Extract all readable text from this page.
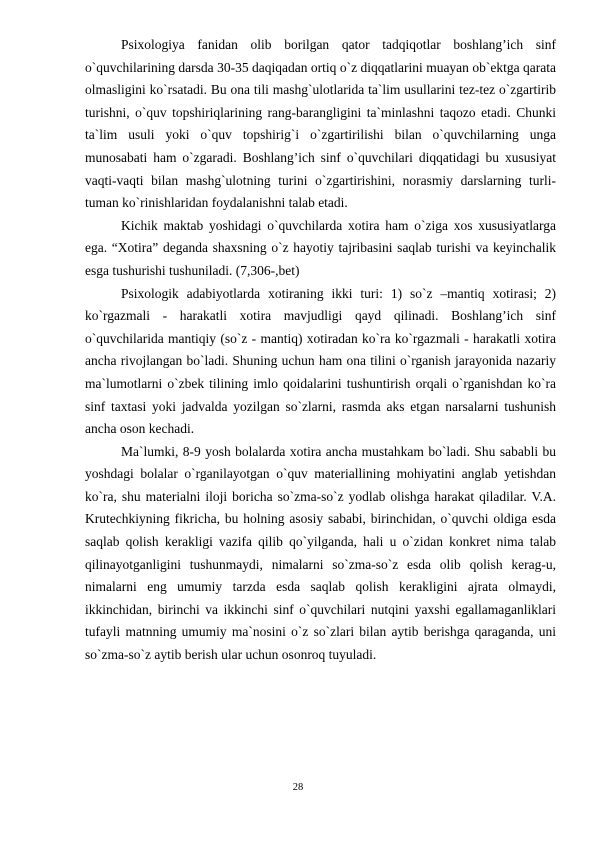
Psixologiya fanidan olib borilgan qator tadqiqotlar boshlang’ich sinf o`quvchilarining darsda 30-35 daqiqadan ortiq o`z diqqatlarini muayan ob`ektga qarata olmasligini ko`rsatadi. Bu ona tili mashg`ulotlarida ta`lim usullarini tez-tez o`zgartirib turishni, o`quv topshiriqlarining rang-barangligini ta`minlashni taqozo etadi. Chunki ta`lim usuli yoki o`quv topshirig`i o`zgartirilishi bilan o`quvchilarning unga munosabati ham o`zgaradi. Boshlang’ich sinf o`quvchilari diqqatidagi bu xususiyat vaqti-vaqti bilan mashg`ulotning turini o`zgartirishini, norasmiy darslarning turli-tuman ko`rinishlaridan foydalanishni talab etadi.

Kichik maktab yoshidagi o`quvchilarda xotira ham o`ziga xos xususiyatlarga ega. “Xotira” deganda shaxsning o`z hayotiy tajribasini saqlab turishi va keyinchalik esga tushurishi tushuniladi. (7,306-,bet)

Psixologik adabiyotlarda xotiraning ikki turi: 1) so`z –mantiq xotirasi; 2) ko`rgazmali - harakatli xotira mavjudligi qayd qilinadi. Boshlang’ich sinf o`quvchilarida mantiqiy (so`z - mantiq) xotiradan ko`ra ko`rgazmali - harakatli xotira ancha rivojlangan bo`ladi. Shuning uchun ham ona tilini o`rganish jarayonida nazariy ma`lumotlarni o`zbek tilining imlo qoidalarini tushuntirish orqali o`rganishdan ko`ra sinf taxtasi yoki jadvalda yozilgan so`zlarni, rasmda aks etgan narsalarni tushunish ancha oson kechadi.

Ma`lumki, 8-9 yosh bolalarda xotira ancha mustahkam bo`ladi. Shu sababli bu yoshdagi bolalar o`rganilayotgan o`quv materiallining mohiyatini anglab yetishdan ko`ra, shu materialni iloji boricha so`zma-so`z yodlab olishga harakat qiladilar. V.A. Krutechkiyning fikricha, bu holning asosiy sababi, birinchidan, o`quvchi oldiga esda saqlab qolish kerakligi vazifa qilib qo`yilganda, hali u o`zidan konkret nima talab qilinayotganligini tushunmaydi, nimalarni so`zma-so`z esda olib qolish kerag-u, nimalarni eng umumiy tarzda esda saqlab qolish kerakligini ajrata olmaydi, ikkinchidan, birinchi va ikkinchi sinf o`quvchilari nutqini yaxshi egallamaganliklari tufayli matnning umumiy ma`nosini o`z so`zlari bilan aytib berishga qaraganda, uni so`zma-so`z aytib berish ular uchun osonroq tuyuladi.

28
